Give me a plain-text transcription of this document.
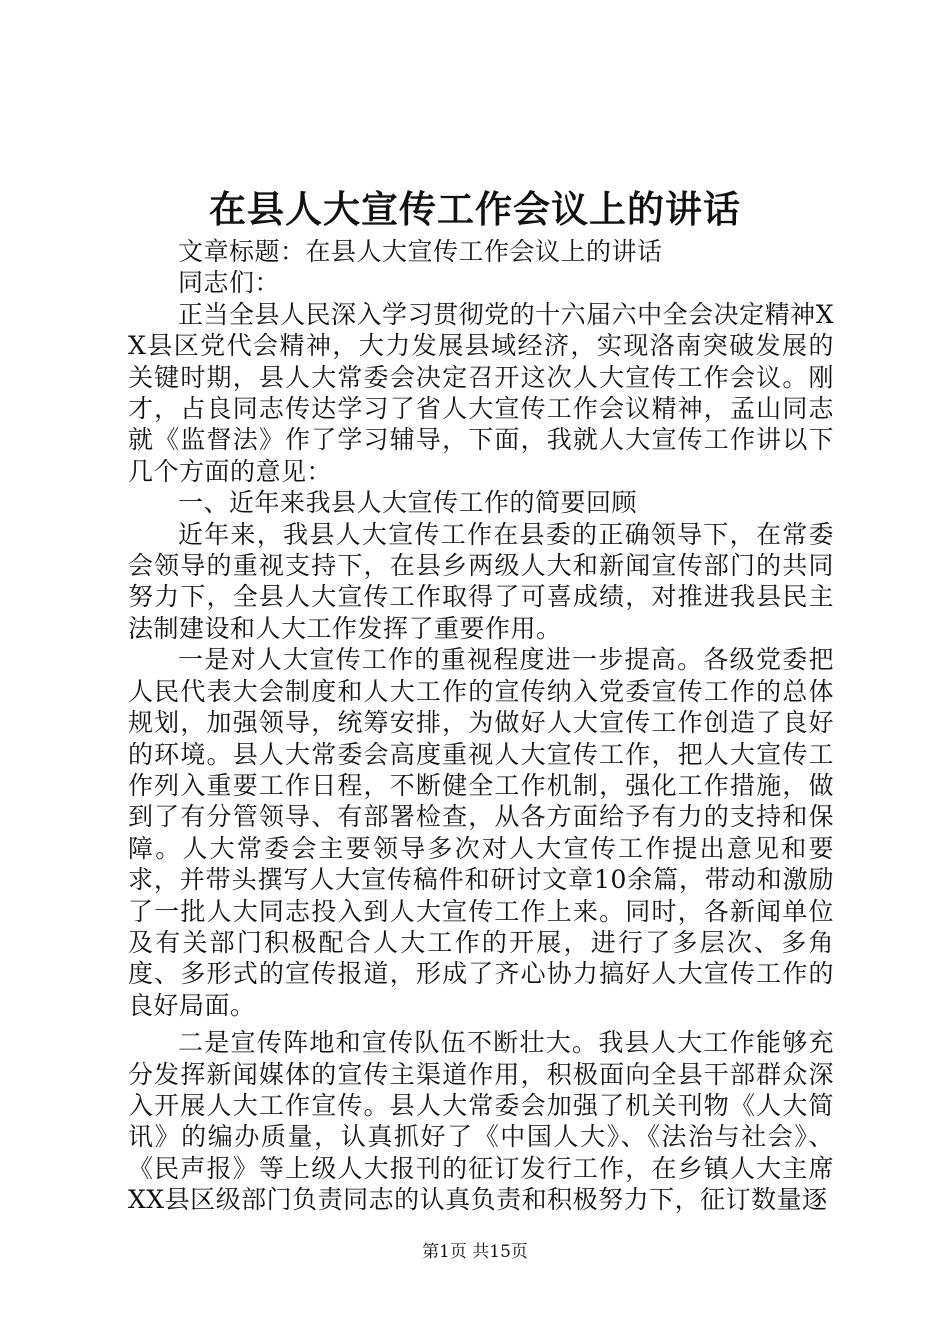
在县人大宣传工作会议上的讲话

文章标题：在县人大宣传工作会议上的讲话

同志们：

正当全县人民深入学习贯彻党的十六届六中全会决定精神XX县区党代会精神，大力发展县域经济，实现洛南突破发展的关键时期，县人大常委会决定召开这次人大宣传工作会议。刚才，占良同志传达学习了省人大宣传工作会议精神，孟山同志就《监督法》作了学习辅导，下面，我就人大宣传工作讲以下几个方面的意见：

一、近年来我县人大宣传工作的简要回顾

近年来，我县人大宣传工作在县委的正确领导下，在常委会领导的重视支持下，在县乡两级人大和新闻宣传部门的共同努力下，全县人大宣传工作取得了可喜成绩，对推进我县民主法制建设和人大工作发挥了重要作用。

一是对人大宣传工作的重视程度进一步提高。各级党委把人民代表大会制度和人大工作的宣传纳入党委宣传工作的总体规划，加强领导，统筹安排，为做好人大宣传工作创造了良好的环境。县人大常委会高度重视人大宣传工作，把人大宣传工作列入重要工作日程，不断健全工作机制，强化工作措施，做到了有分管领导、有部署检查，从各方面给予有力的支持和保障。人大常委会主要领导多次对人大宣传工作提出意见和要求，并带头撰写人大宣传稿件和研讨文章10余篇，带动和激励了一批人大同志投入到人大宣传工作上来。同时，各新闻单位及有关部门积极配合人大工作的开展，进行了多层次、多角度、多形式的宣传报道，形成了齐心协力搞好人大宣传工作的良好局面。

二是宣传阵地和宣传队伍不断壮大。我县人大工作能够充分发挥新闻媒体的宣传主渠道作用，积极面向全县干部群众深入开展人大工作宣传。县人大常委会加强了机关刊物《人大简讯》的编办质量，认真抓好了《中国人大》、《法治与社会》、《民声报》等上级人大报刊的征订发行工作，在乡镇人大主席XX县区级部门负责同志的认真负责和积极努力下，征订数量逐

第1页 共15页
